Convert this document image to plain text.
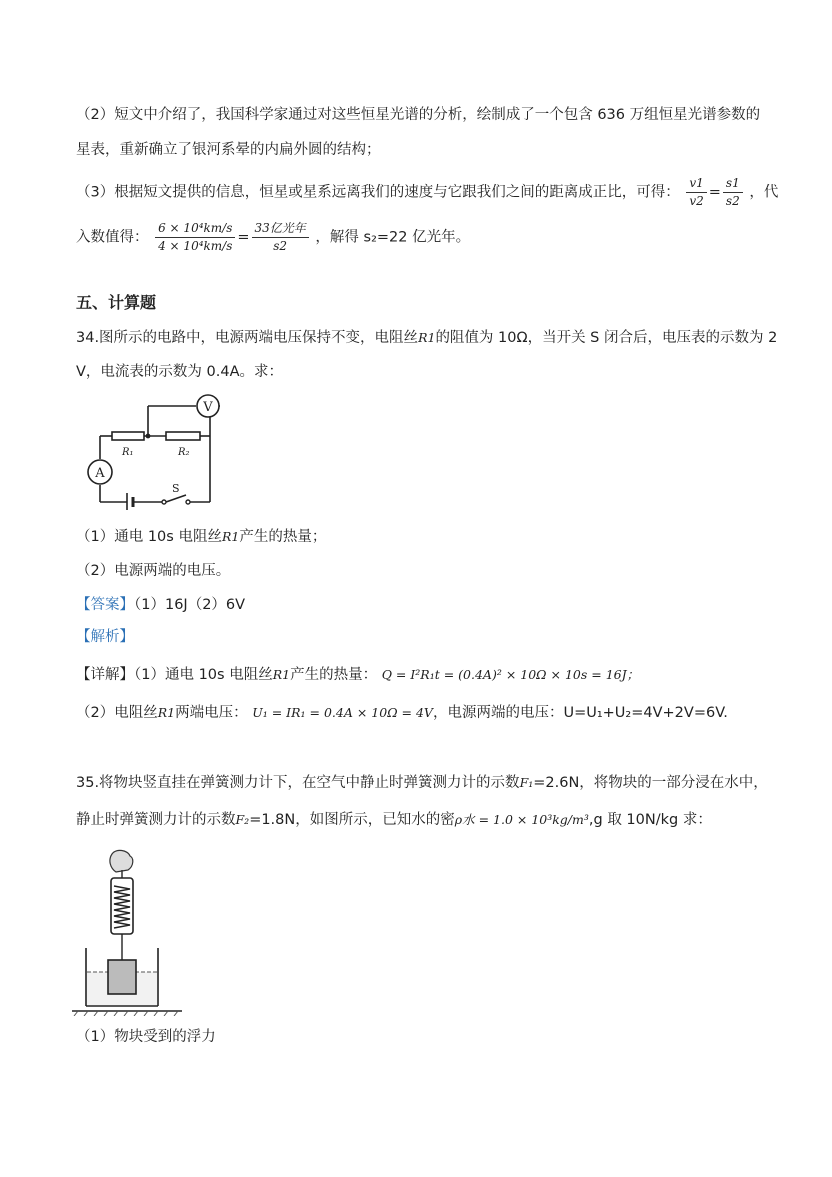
（2）短文中介绍了，我国科学家通过对这些恒星光谱的分析，绘制成了一个包含 636 万组恒星光谱参数的
星表，重新确立了银河系晕的内扁外圆的结构；
（3）根据短文提供的信息，恒星或星系远离我们的速度与它跟我们之间的距离成正比，可得： $\frac{v1}{v2} = \frac{s1}{s2}$ ，代
入数值得： $\frac{\text{6 × 10⁴km/s}}{\text{4 × 10⁴km/s}} = \frac{\text{33亿光年}}{s2}$ ，解得 s₂=22 亿光年。
五、计算题
34.图所示的电路中，电源两端电压保持不变，电阻丝R1的阻值为 10Ω，当开关 S 闭合后，电压表的示数为 2
V，电流表的示数为 0.4A。求：
V
A
R₁	R₂
S
（1）通电 10s 电阻丝R1产生的热量；
（2）电源两端的电压。
【答案】（1）16J（2）6V
【解析】
【详解】（1）通电 10s 电阻丝R1产生的热量： Q = I²R₁t = (0.4A)² × 10Ω × 10s = 16J；
（2）电阻丝R1两端电压： U₁ = IR₁ = 0.4A × 10Ω = 4V，电源两端的电压：U=U₁+U₂=4V+2V=6V.
35.将物块竖直挂在弹簧测力计下，在空气中静止时弹簧测力计的示数F₁=2.6N，将物块的一部分浸在水中，
静止时弹簧测力计的示数F₂=1.8N，如图所示，已知水的密ρ水 = 1.0 × 10³kg/m³,g 取 10N/kg 求：
（1）物块受到的浮力
